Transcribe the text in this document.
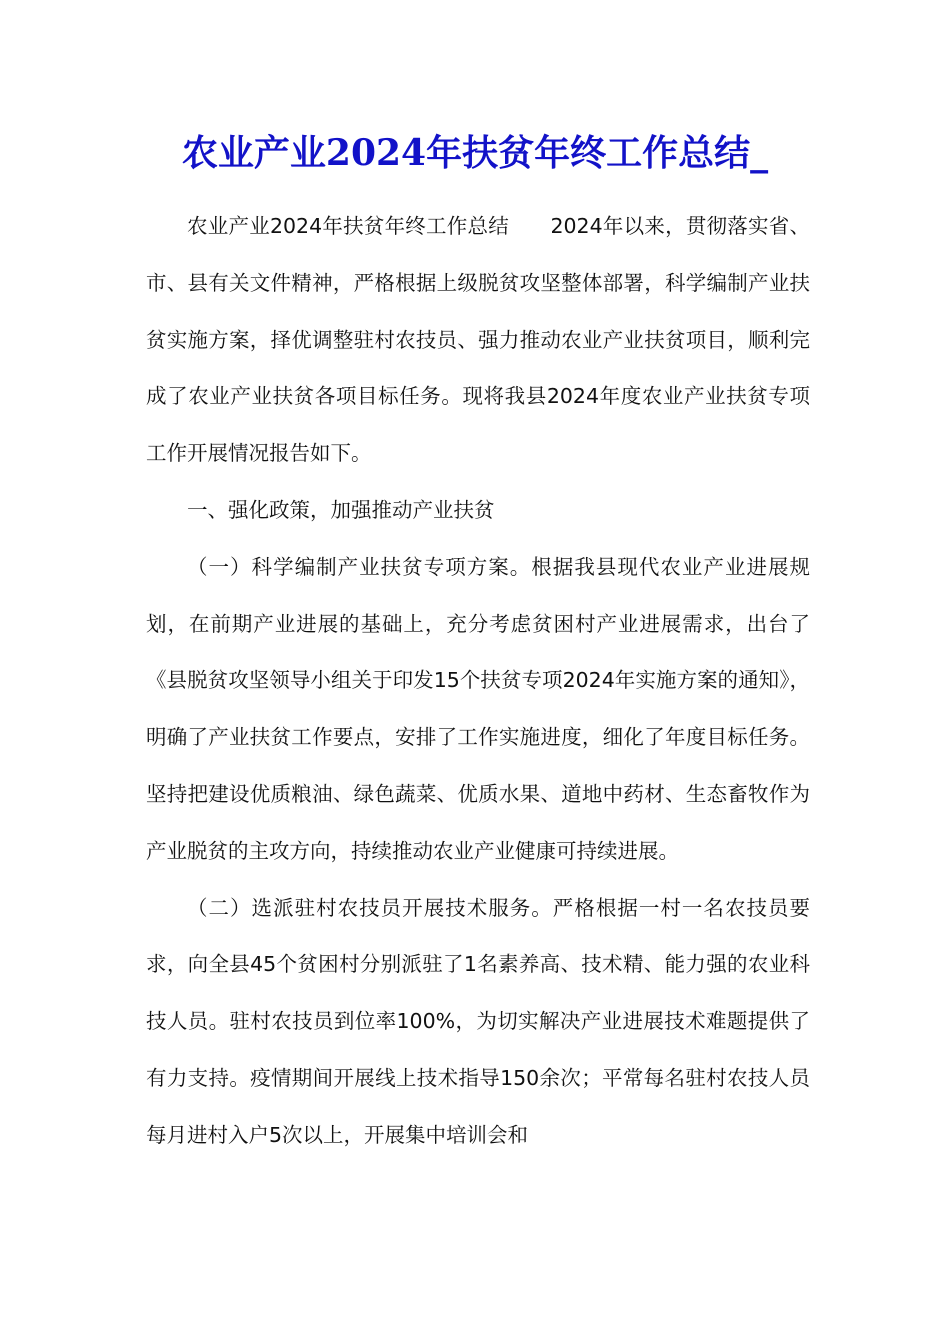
农业产业2024年扶贫年终工作总结_

农业产业2024年扶贫年终工作总结　　2024年以来，贯彻落实省、市、县有关文件精神，严格根据上级脱贫攻坚整体部署，科学编制产业扶贫实施方案，择优调整驻村农技员、强力推动农业产业扶贫项目，顺利完成了农业产业扶贫各项目标任务。现将我县2024年度农业产业扶贫专项工作开展情况报告如下。

一、强化政策，加强推动产业扶贫

（一）科学编制产业扶贫专项方案。根据我县现代农业产业进展规划，在前期产业进展的基础上，充分考虑贫困村产业进展需求，出台了《县脱贫攻坚领导小组关于印发15个扶贫专项2024年实施方案的通知》，明确了产业扶贫工作要点，安排了工作实施进度，细化了年度目标任务。坚持把建设优质粮油、绿色蔬菜、优质水果、道地中药材、生态畜牧作为产业脱贫的主攻方向，持续推动农业产业健康可持续进展。

（二）选派驻村农技员开展技术服务。严格根据一村一名农技员要求，向全县45个贫困村分别派驻了1名素养高、技术精、能力强的农业科技人员。驻村农技员到位率100%，为切实解决产业进展技术难题提供了有力支持。疫情期间开展线上技术指导150余次；平常每名驻村农技人员每月进村入户5次以上，开展集中培训会和
